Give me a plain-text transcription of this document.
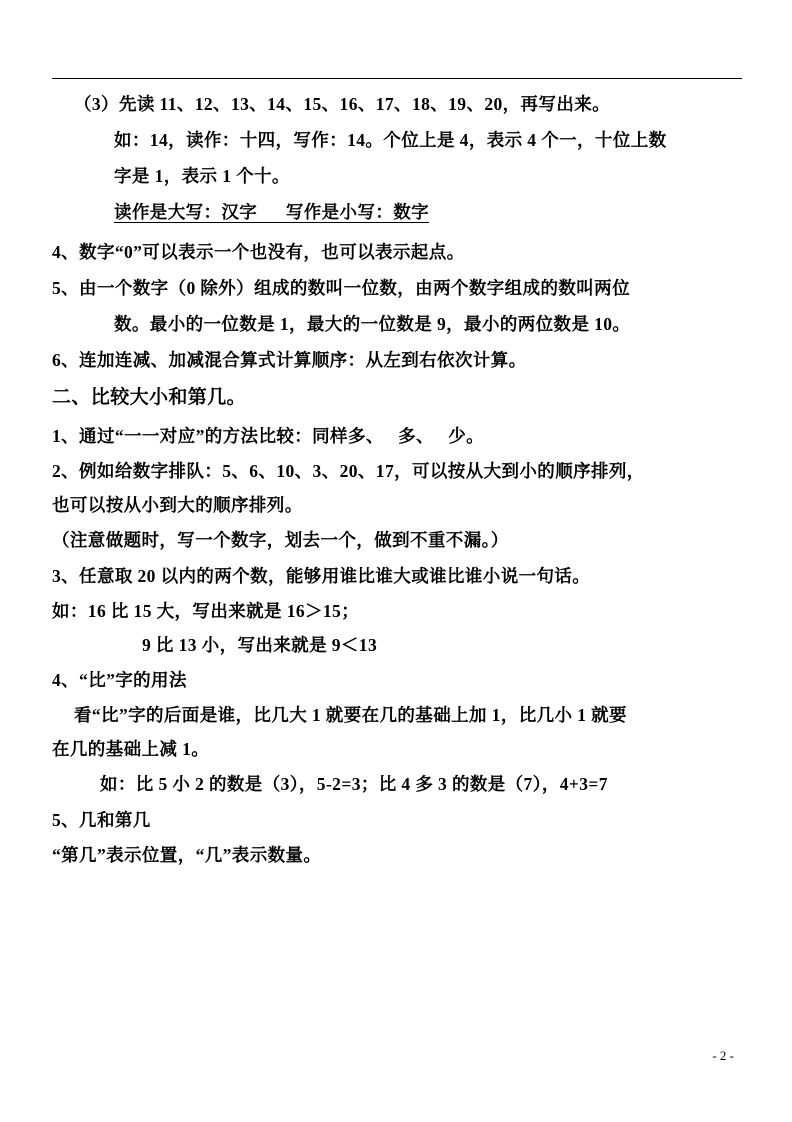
（3）先读 11、12、13、14、15、16、17、18、19、20，再写出来。
如：14，读作：十四，写作：14。个位上是 4，表示 4 个一，十位上数
字是 1，表示 1 个十。
读作是大写：汉字      写作是小写：数字
4、数字“0”可以表示一个也没有，也可以表示起点。
5、由一个数字（0 除外）组成的数叫一位数，由两个数字组成的数叫两位
数。最小的一位数是 1，最大的一位数是 9，最小的两位数是 10。
6、连加连减、加减混合算式计算顺序：从左到右依次计算。
二、比较大小和第几。
1、通过“一一对应”的方法比较：同样多、   多、   少。
2、例如给数字排队：5、6、10、3、20、17，可以按从大到小的顺序排列，
也可以按从小到大的顺序排列。
（注意做题时，写一个数字，划去一个，做到不重不漏。）
3、任意取 20 以内的两个数，能够用谁比谁大或谁比谁小说一句话。
如：16 比 15 大，写出来就是 16＞15；
9 比 13 小，写出来就是 9＜13
4、“比”字的用法
看“比”字的后面是谁，比几大 1 就要在几的基础上加 1，比几小 1 就要
在几的基础上减 1。
如：比 5 小 2 的数是（3），5-2=3；比 4 多 3 的数是（7），4+3=7
5、几和第几
“第几”表示位置，“几”表示数量。
- 2 -
